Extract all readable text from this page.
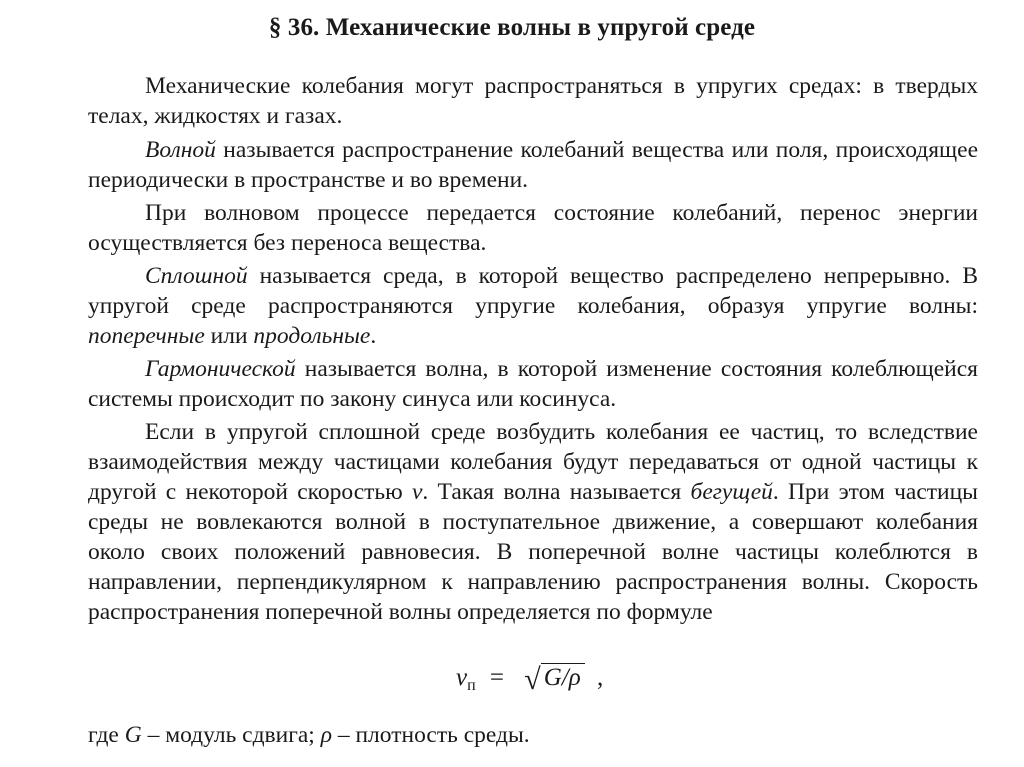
§ 36. Механические волны в упругой среде

Механические колебания могут распространяться в упругих средах: в твердых телах, жидкостях и газах.

Волной называется распространение колебаний вещества или поля, происходящее периодически в пространстве и во времени.

При волновом процессе передается состояние колебаний, перенос энергии осуществляется без переноса вещества.

Сплошной называется среда, в которой вещество распределено непрерывно. В упругой среде распространяются упругие колебания, образуя упругие волны: поперечные или продольные.

Гармонической называется волна, в которой изменение состояния колеблющейся системы происходит по закону синуса или косинуса.

Если в упругой сплошной среде возбудить колебания ее частиц, то вследствие взаимодействия между частицами колебания будут передаваться от одной частицы к другой с некоторой скоростью v. Такая волна называется бегущей. При этом частицы среды не вовлекаются волной в поступательное движение, а совершают колебания около своих положений равновесия. В поперечной волне частицы колеблются в направлении, перпендикулярном к направлению распространения волны. Скорость распространения поперечной волны определяется по формуле

$v_п$ = √ G/ρ ,
где G – модуль сдвига; ρ – плотность среды.
